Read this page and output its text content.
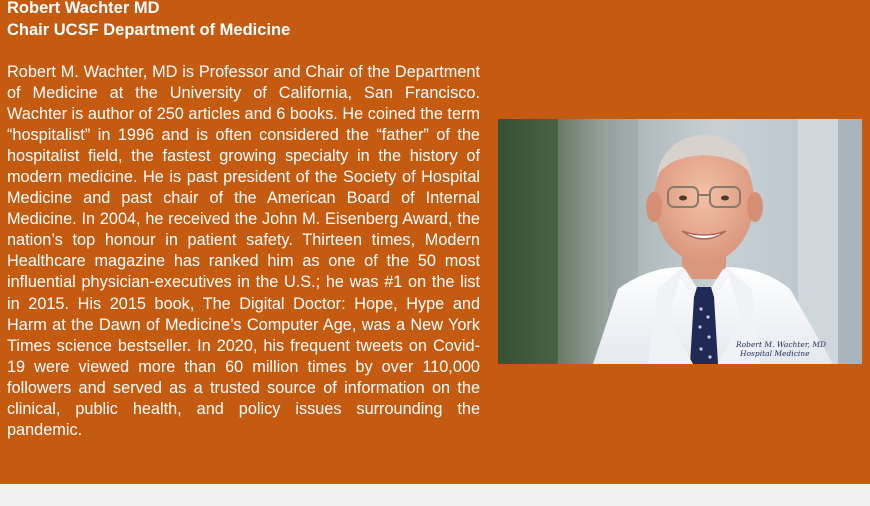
Robert Wachter MD
Chair UCSF Department of Medicine

Robert M. Wachter, MD is Professor and Chair of the Department of Medicine at the University of California, San Francisco. Wachter is author of 250 articles and 6 books. He coined the term “hospitalist” in 1996 and is often considered the “father” of the hospitalist field, the fastest growing specialty in the history of modern medicine. He is past president of the Society of Hospital Medicine and past chair of the American Board of Internal Medicine. In 2004, he received the John M. Eisenberg Award, the nation’s top honour in patient safety. Thirteen times, Modern Healthcare magazine has ranked him as one of the 50 most influential physician-executives in the U.S.; he was #1 on the list in 2015. His 2015 book, The Digital Doctor: Hope, Hype and Harm at the Dawn of Medicine’s Computer Age, was a New York Times science bestseller. In 2020, his frequent tweets on Covid-19 were viewed more than 60 million times by over 110,000 followers and served as a trusted source of information on the clinical, public health, and policy issues surrounding the pandemic.

Robert M. Wachter, MD
Hospital Medicine
